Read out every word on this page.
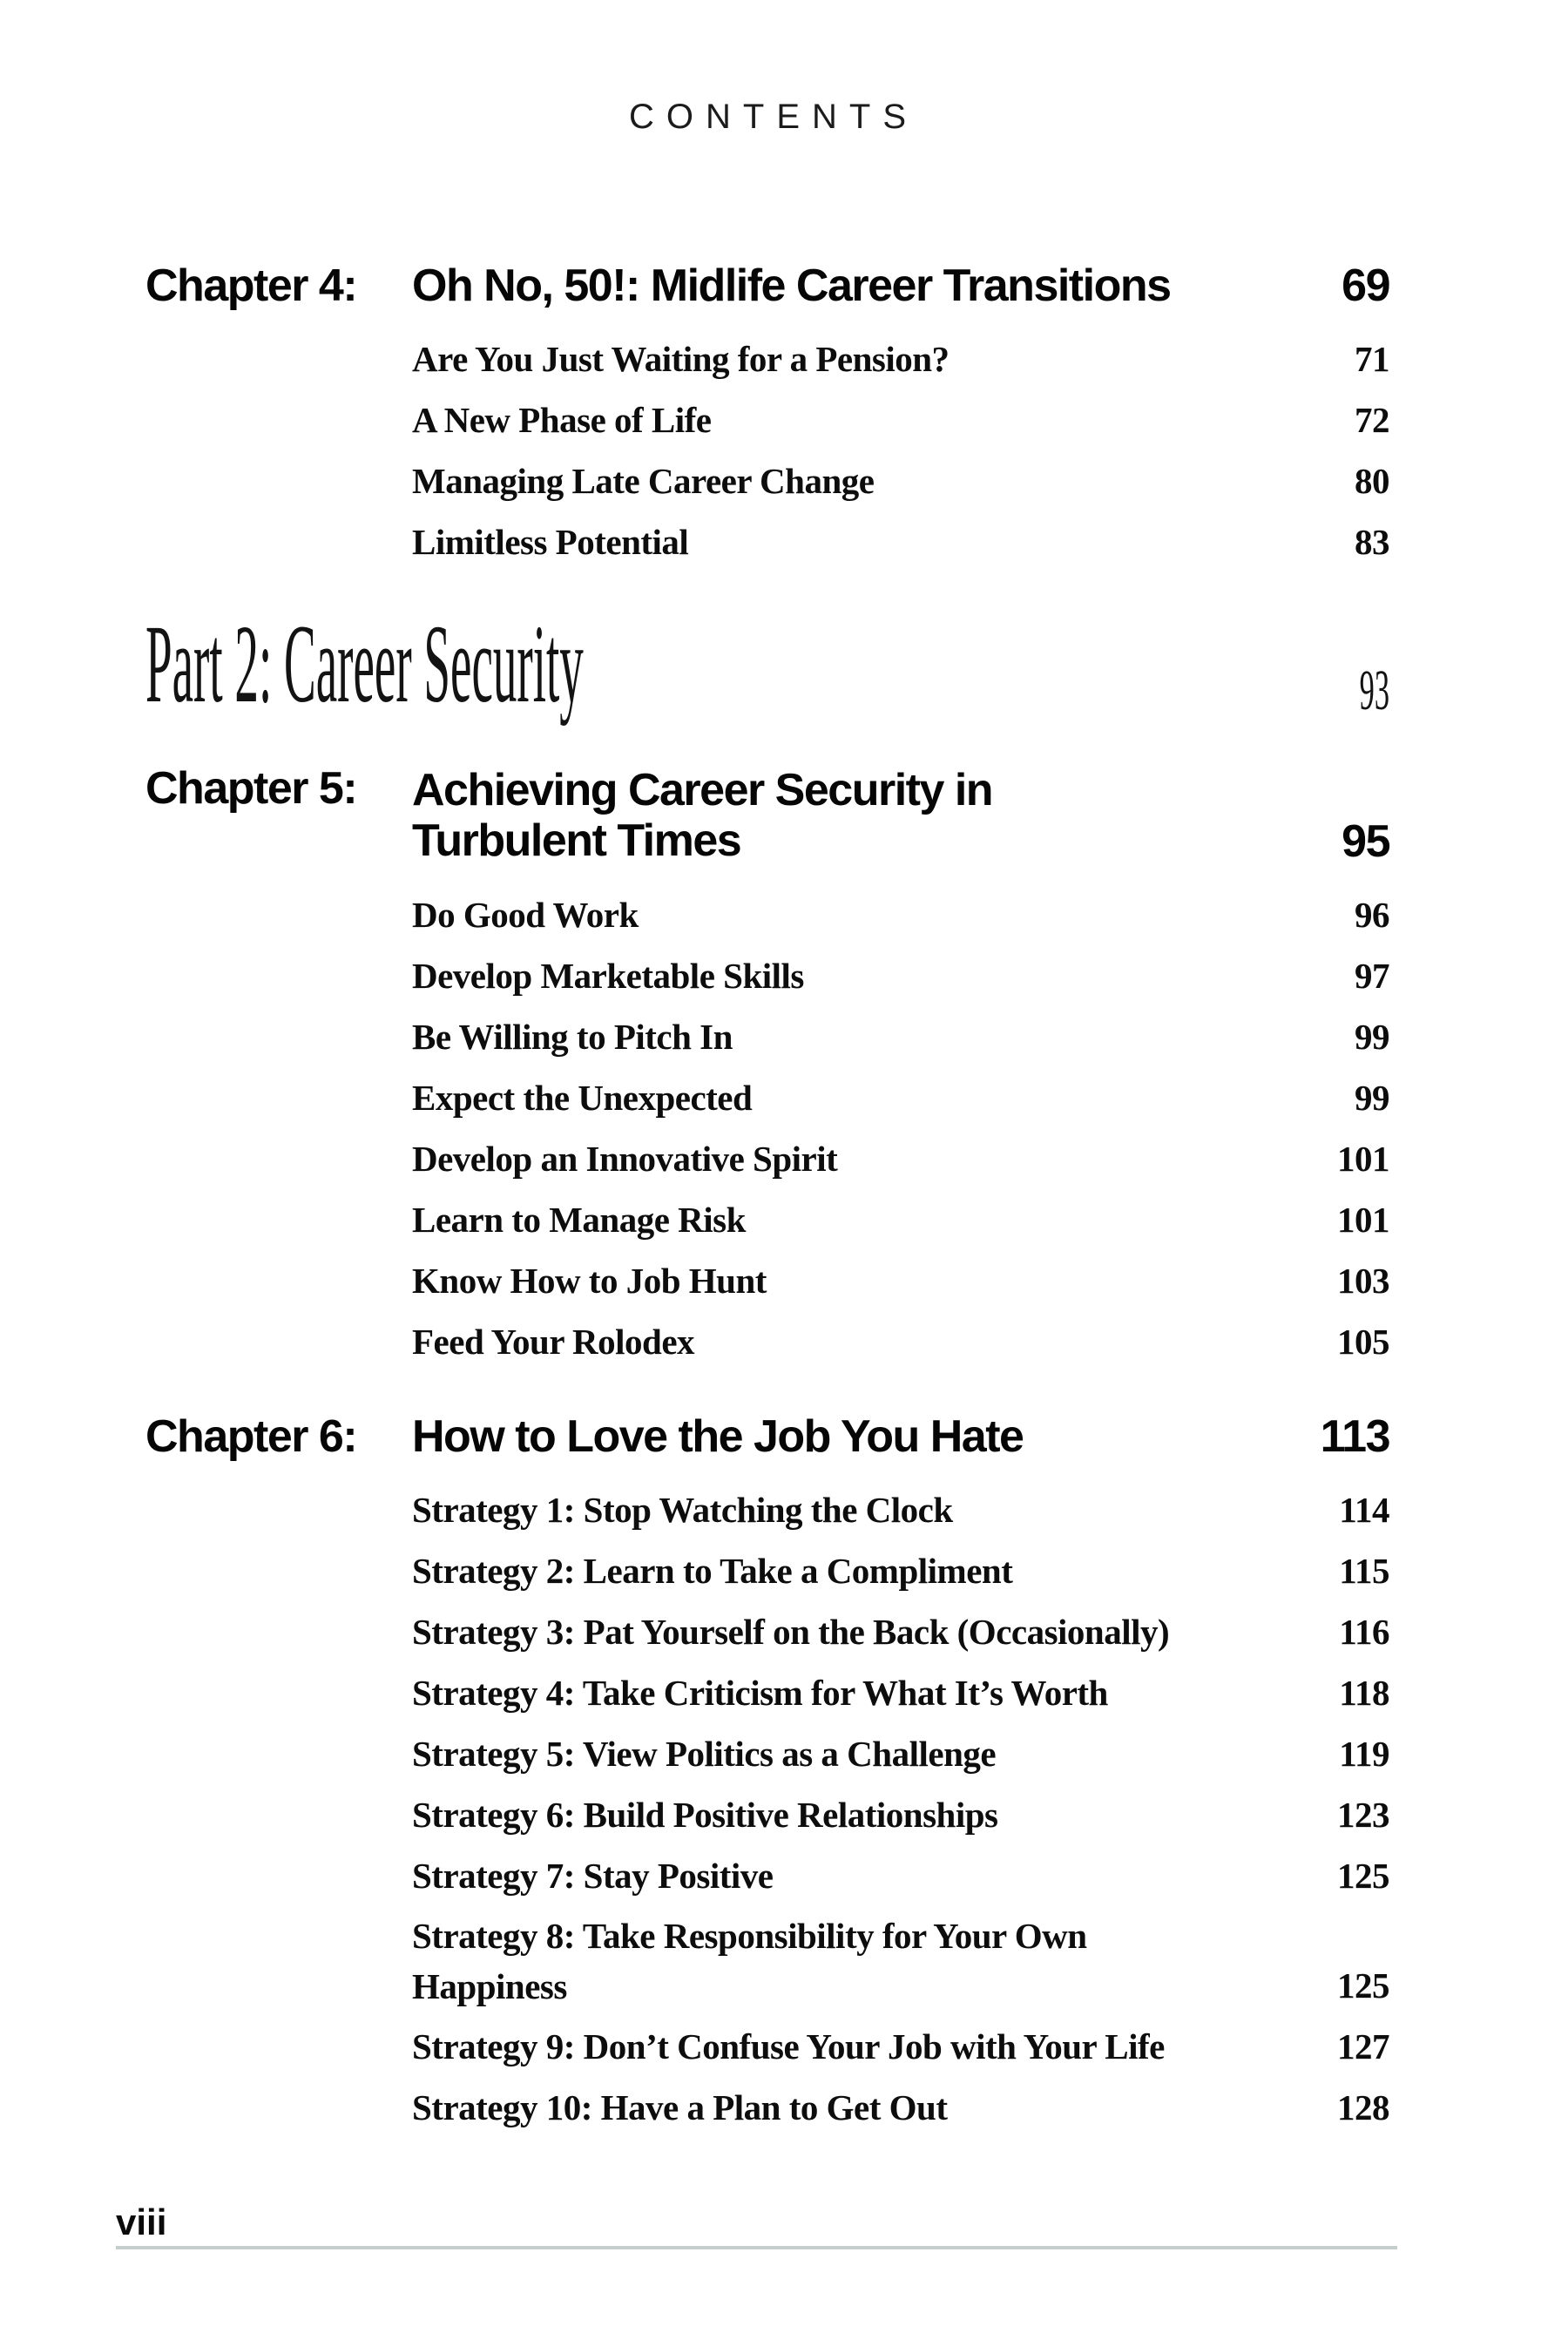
CONTENTS
Chapter 4:	Oh No, 50!: Midlife Career Transitions	69
Are You Just Waiting for a Pension?	71
A New Phase of Life	72
Managing Late Career Change	80
Limitless Potential	83
Part 2: Career Security	93
Chapter 5:	Achieving Career Security in
Turbulent Times	95
Do Good Work	96
Develop Marketable Skills	97
Be Willing to Pitch In	99
Expect the Unexpected	99
Develop an Innovative Spirit	101
Learn to Manage Risk	101
Know How to Job Hunt	103
Feed Your Rolodex	105
Chapter 6:	How to Love the Job You Hate	113
Strategy 1: Stop Watching the Clock	114
Strategy 2: Learn to Take a Compliment	115
Strategy 3: Pat Yourself on the Back (Occasionally)	116
Strategy 4: Take Criticism for What It’s Worth	118
Strategy 5: View Politics as a Challenge	119
Strategy 6: Build Positive Relationships	123
Strategy 7: Stay Positive	125
Strategy 8: Take Responsibility for Your Own
Happiness	125
Strategy 9: Don’t Confuse Your Job with Your Life	127
Strategy 10: Have a Plan to Get Out	128
viii
